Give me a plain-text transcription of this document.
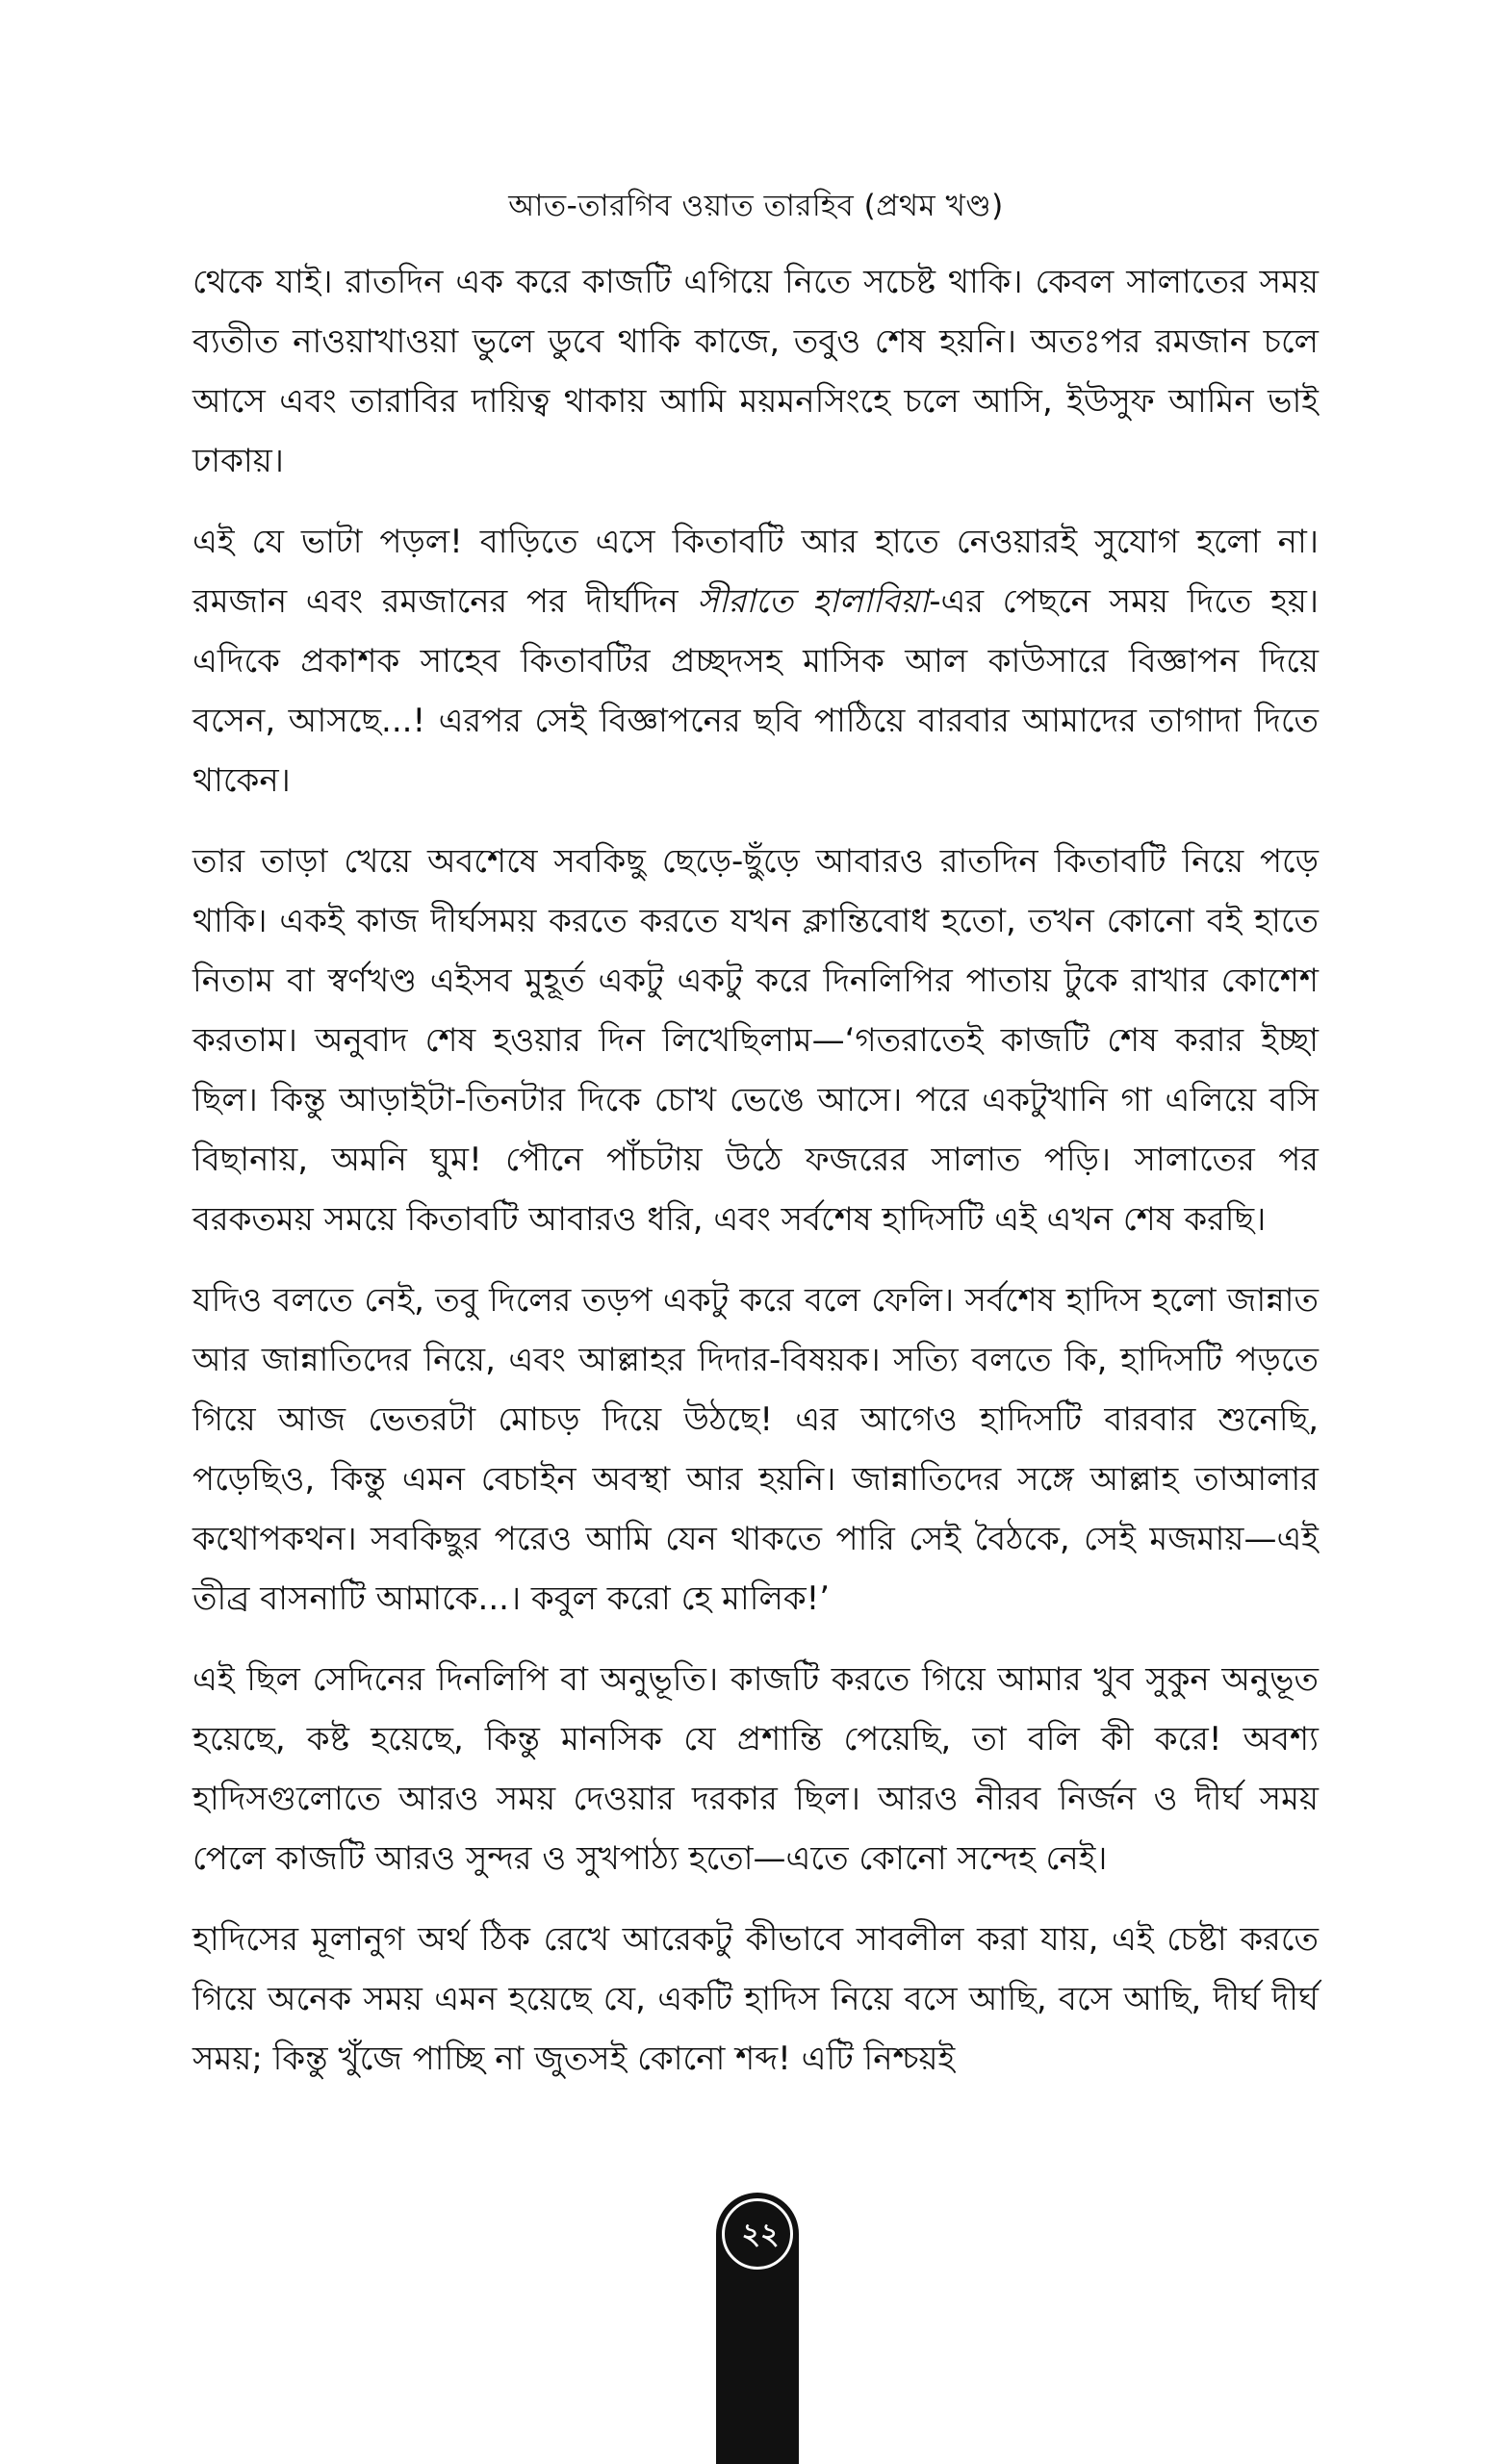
আত-তারগিব ওয়াত তারহিব (প্রথম খণ্ড)

থেকে যাই। রাতদিন এক করে কাজটি এগিয়ে নিতে সচেষ্ট থাকি। কেবল সালাতের সময় ব্যতীত নাওয়াখাওয়া ভুলে ডুবে থাকি কাজে, তবুও শেষ হয়নি। অতঃপর রমজান চলে আসে এবং তারাবির দায়িত্ব থাকায় আমি ময়মনসিংহে চলে আসি, ইউসুফ আমিন ভাই ঢাকায়।

এই যে ভাটা পড়ল! বাড়িতে এসে কিতাবটি আর হাতে নেওয়ারই সুযোগ হলো না। রমজান এবং রমজানের পর দীর্ঘদিন সীরাতে হালাবিয়া-এর পেছনে সময় দিতে হয়। এদিকে প্রকাশক সাহেব কিতাবটির প্রচ্ছদসহ মাসিক আল কাউসারে বিজ্ঞাপন দিয়ে বসেন, আসছে...! এরপর সেই বিজ্ঞাপনের ছবি পাঠিয়ে বারবার আমাদের তাগাদা দিতে থাকেন।

তার তাড়া খেয়ে অবশেষে সবকিছু ছেড়ে-ছুঁড়ে আবারও রাতদিন কিতাবটি নিয়ে পড়ে থাকি। একই কাজ দীর্ঘসময় করতে করতে যখন ক্লান্তিবোধ হতো, তখন কোনো বই হাতে নিতাম বা স্বর্ণখণ্ড এইসব মুহূর্ত একটু একটু করে দিনলিপির পাতায় টুকে রাখার কোশেশ করতাম। অনুবাদ শেষ হওয়ার দিন লিখেছিলাম—‘গতরাতেই কাজটি শেষ করার ইচ্ছা ছিল। কিন্তু আড়াইটা-তিনটার দিকে চোখ ভেঙে আসে। পরে একটুখানি গা এলিয়ে বসি বিছানায়, অমনি ঘুম! পৌনে পাঁচটায় উঠে ফজরের সালাত পড়ি। সালাতের পর বরকতময় সময়ে কিতাবটি আবারও ধরি, এবং সর্বশেষ হাদিসটি এই এখন শেষ করছি।

যদিও বলতে নেই, তবু দিলের তড়প একটু করে বলে ফেলি। সর্বশেষ হাদিস হলো জান্নাত আর জান্নাতিদের নিয়ে, এবং আল্লাহর দিদার-বিষয়ক। সত্যি বলতে কি, হাদিসটি পড়তে গিয়ে আজ ভেতরটা মোচড় দিয়ে উঠছে! এর আগেও হাদিসটি বারবার শুনেছি, পড়েছিও, কিন্তু এমন বেচাইন অবস্থা আর হয়নি। জান্নাতিদের সঙ্গে আল্লাহ তাআলার কথোপকথন। সবকিছুর পরেও আমি যেন থাকতে পারি সেই বৈঠকে, সেই মজমায়—এই তীব্র বাসনাটি আমাকে...। কবুল করো হে মালিক!’

এই ছিল সেদিনের দিনলিপি বা অনুভূতি। কাজটি করতে গিয়ে আমার খুব সুকুন অনুভূত হয়েছে, কষ্ট হয়েছে, কিন্তু মানসিক যে প্রশান্তি পেয়েছি, তা বলি কী করে! অবশ্য হাদিসগুলোতে আরও সময় দেওয়ার দরকার ছিল। আরও নীরব নির্জন ও দীর্ঘ সময় পেলে কাজটি আরও সুন্দর ও সুখপাঠ্য হতো—এতে কোনো সন্দেহ নেই।

হাদিসের মূলানুগ অর্থ ঠিক রেখে আরেকটু কীভাবে সাবলীল করা যায়, এই চেষ্টা করতে গিয়ে অনেক সময় এমন হয়েছে যে, একটি হাদিস নিয়ে বসে আছি, বসে আছি, দীর্ঘ দীর্ঘ সময়; কিন্তু খুঁজে পাচ্ছি না জুতসই কোনো শব্দ! এটি নিশ্চয়ই

২২
